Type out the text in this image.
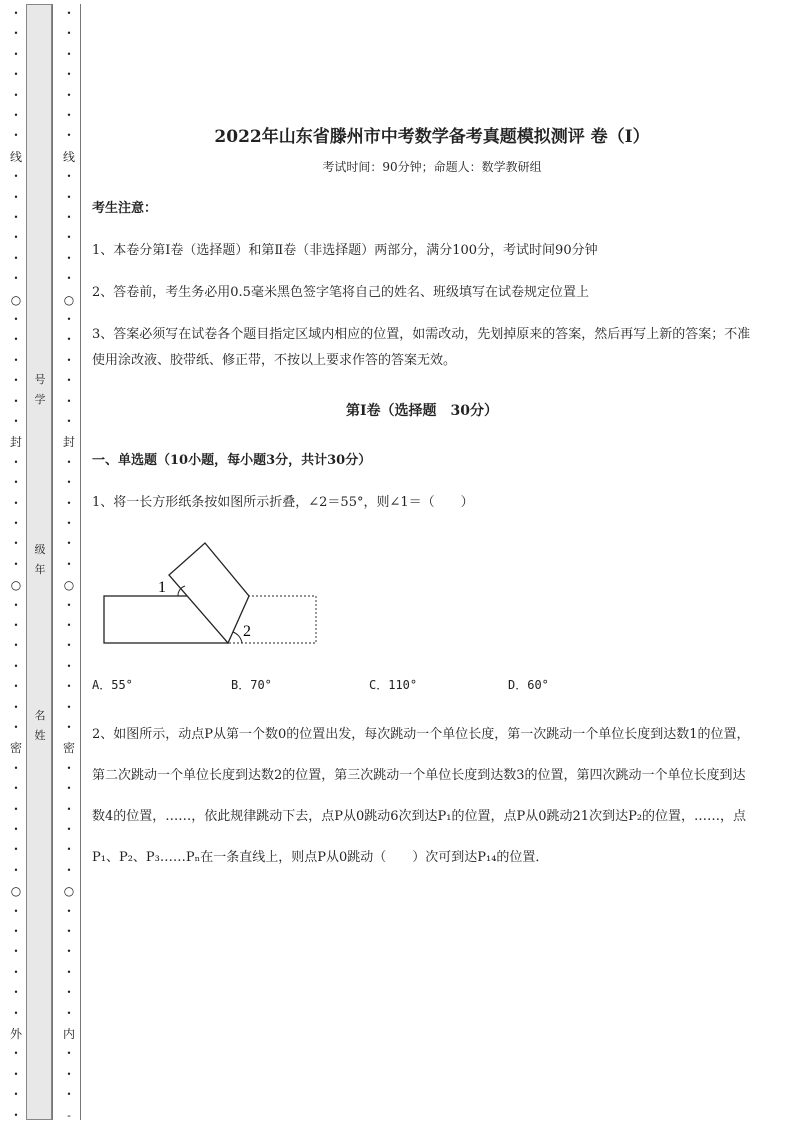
•
•
•
•
•
•
•
线
•
•
•
•
•
•
○
•
•
•
•
•
•
封
•
•
•
•
•
•
○
•
•
•
•
•
•
•
密
•
•
•
•
•
•
○
•
•
•
•
•
•
外
•
•
•
•
•
•
•
•
•
•
•
线
•
•
•
•
•
•
○
•
•
•
•
•
•
封
•
•
•
•
•
•
○
•
•
•
•
•
•
•
密
•
•
•
•
•
•
○
•
•
•
•
•
•
内
•
•
•
-
号学
级年
名姓
2022年山东省滕州市中考数学备考真题模拟测评 卷（Ⅰ）
考试时间：90分钟；命题人：数学教研组
考生注意：
1、本卷分第Ⅰ卷（选择题）和第Ⅱ卷（非选择题）两部分，满分100分，考试时间90分钟
2、答卷前，考生务必用0.5毫米黑色签字笔将自己的姓名、班级填写在试卷规定位置上
3、答案必须写在试卷各个题目指定区域内相应的位置，如需改动，先划掉原来的答案，然后再写上新的答案；不准使用涂改液、胶带纸、修正带，不按以上要求作答的答案无效。
第Ⅰ卷（选择题　30分）
一、单选题（10小题，每小题3分，共计30分）
1、将一长方形纸条按如图所示折叠，∠2＝55°，则∠1＝（　　）
1
2
A．55°	B．70°	C．110°	D．60°
2、如图所示，动点P从第一个数0的位置出发，每次跳动一个单位长度，第一次跳动一个单位长度到达数1的位置，第二次跳动一个单位长度到达数2的位置，第三次跳动一个单位长度到达数3的位置，第四次跳动一个单位长度到达数4的位置，……，依此规律跳动下去，点P从0跳动6次到达P₁的位置，点P从0跳动21次到达P₂的位置，……，点P₁、P₂、P₃……Pₙ在一条直线上，则点P从0跳动（　　）次可到达P₁₄的位置．
